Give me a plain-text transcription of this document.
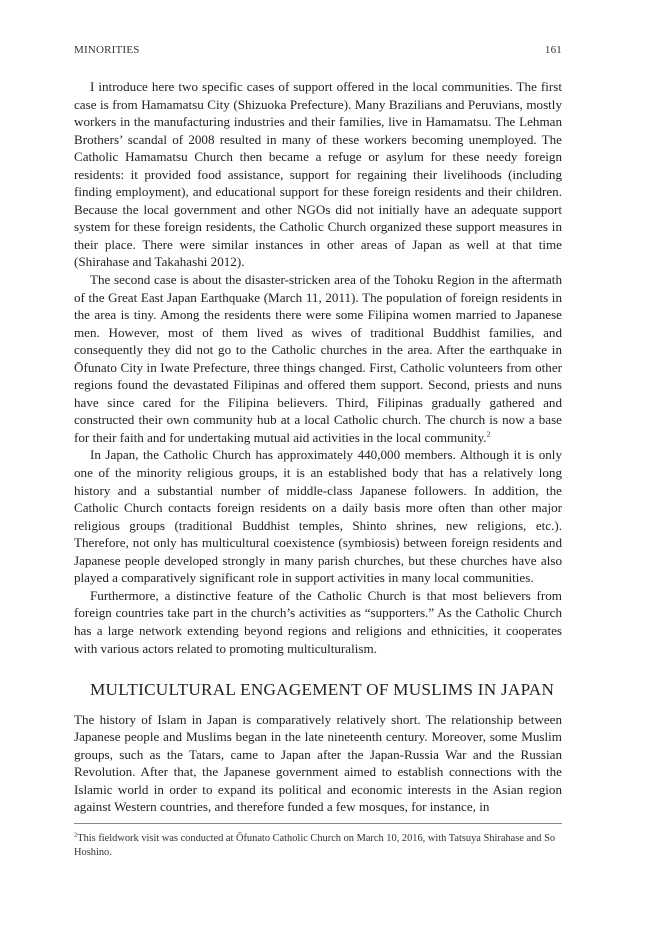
MINORITIES	161

I introduce here two specific cases of support offered in the local communities. The first case is from Hamamatsu City (Shizuoka Prefecture). Many Brazilians and Peruvians, mostly workers in the manufacturing industries and their families, live in Hamamatsu. The Lehman Brothers’ scandal of 2008 resulted in many of these workers becoming unemployed. The Catholic Hamamatsu Church then became a refuge or asylum for these needy foreign residents: it provided food assistance, support for regaining their livelihoods (including finding employment), and educational support for these foreign residents and their children. Because the local government and other NGOs did not initially have an adequate support system for these foreign residents, the Catholic Church organized these support measures in their place. There were similar instances in other areas of Japan as well at that time (Shirahase and Takahashi 2012).

The second case is about the disaster-stricken area of the Tohoku Region in the aftermath of the Great East Japan Earthquake (March 11, 2011). The population of foreign residents in the area is tiny. Among the residents there were some Filipina women married to Japanese men. However, most of them lived as wives of traditional Buddhist families, and consequently they did not go to the Catholic churches in the area. After the earthquake in Ōfunato City in Iwate Prefecture, three things changed. First, Catholic volunteers from other regions found the devastated Filipinas and offered them support. Second, priests and nuns have since cared for the Filipina believers. Third, Filipinas gradually gathered and constructed their own community hub at a local Catholic church. The church is now a base for their faith and for undertaking mutual aid activities in the local community.$^2$

In Japan, the Catholic Church has approximately 440,000 members. Although it is only one of the minority religious groups, it is an established body that has a relatively long history and a substantial number of middle-class Japanese followers. In addition, the Catholic Church contacts foreign residents on a daily basis more often than other major religious groups (traditional Buddhist temples, Shinto shrines, new religions, etc.). Therefore, not only has multicultural coexistence (symbiosis) between foreign residents and Japanese people developed strongly in many parish churches, but these churches have also played a comparatively significant role in support activities in many local communities.

Furthermore, a distinctive feature of the Catholic Church is that most believers from foreign countries take part in the church’s activities as “supporters.” As the Catholic Church has a large network extending beyond regions and religions and ethnicities, it cooperates with various actors related to promoting multiculturalism.

MULTICULTURAL ENGAGEMENT OF MUSLIMS IN JAPAN

The history of Islam in Japan is comparatively relatively short. The relationship between Japanese people and Muslims began in the late nineteenth century. Moreover, some Muslim groups, such as the Tatars, came to Japan after the Japan-Russia War and the Russian Revolution. After that, the Japanese government aimed to establish connections with the Islamic world in order to expand its political and economic interests in the Asian region against Western countries, and therefore funded a few mosques, for instance, in

$^2$This fieldwork visit was conducted at Ōfunato Catholic Church on March 10, 2016, with Tatsuya Shirahase and So Hoshino.
